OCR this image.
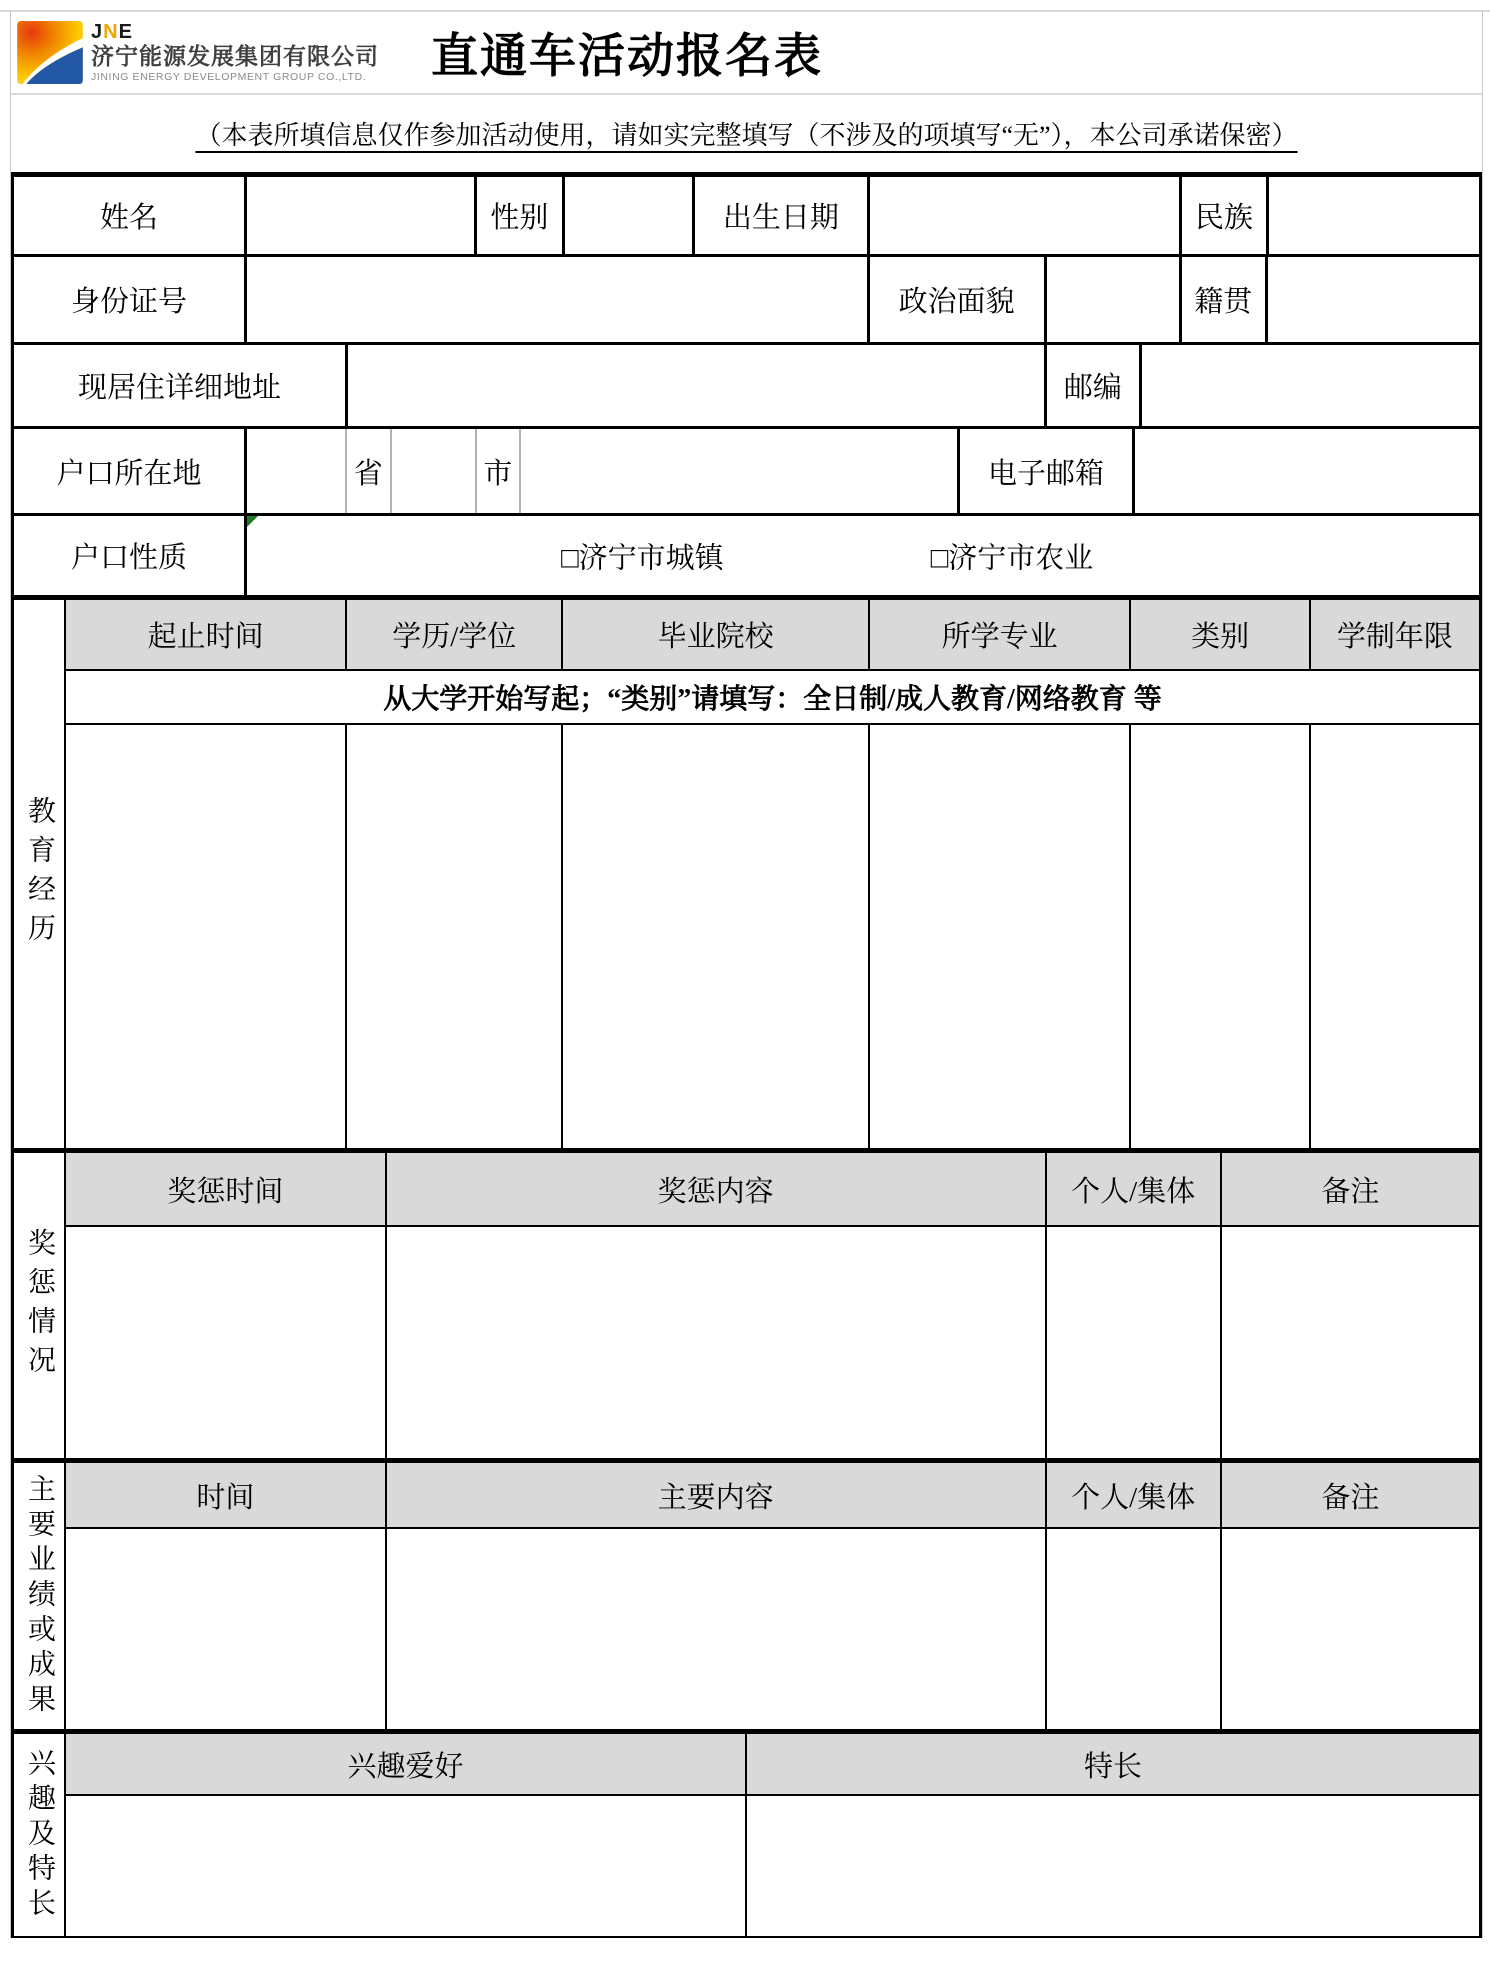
JNE
济宁能源发展集团有限公司
JINING ENERGY DEVELOPMENT GROUP CO.,LTD. 直通车活动报名表
（本表所填信息仅作参加活动使用，请如实完整填写（不涉及的项填写“无”），本公司承诺保密）
姓名	性别	出生日期	民族
身份证号	政治面貌	籍贯
现居住详细地址	邮编
户口所在地	省	市	电子邮箱
户口性质	□济宁市城镇	□济宁市农业
教育经历
起止时间	学历/学位	毕业院校	所学专业	类别	学制年限
从大学开始写起；“类别”请填写：全日制/成人教育/网络教育 等
奖惩情况
奖惩时间	奖惩内容	个人/集体	备注
主要业绩或成果	时间	主要内容	个人/集体	备注
兴趣及特长	兴趣爱好	特长
